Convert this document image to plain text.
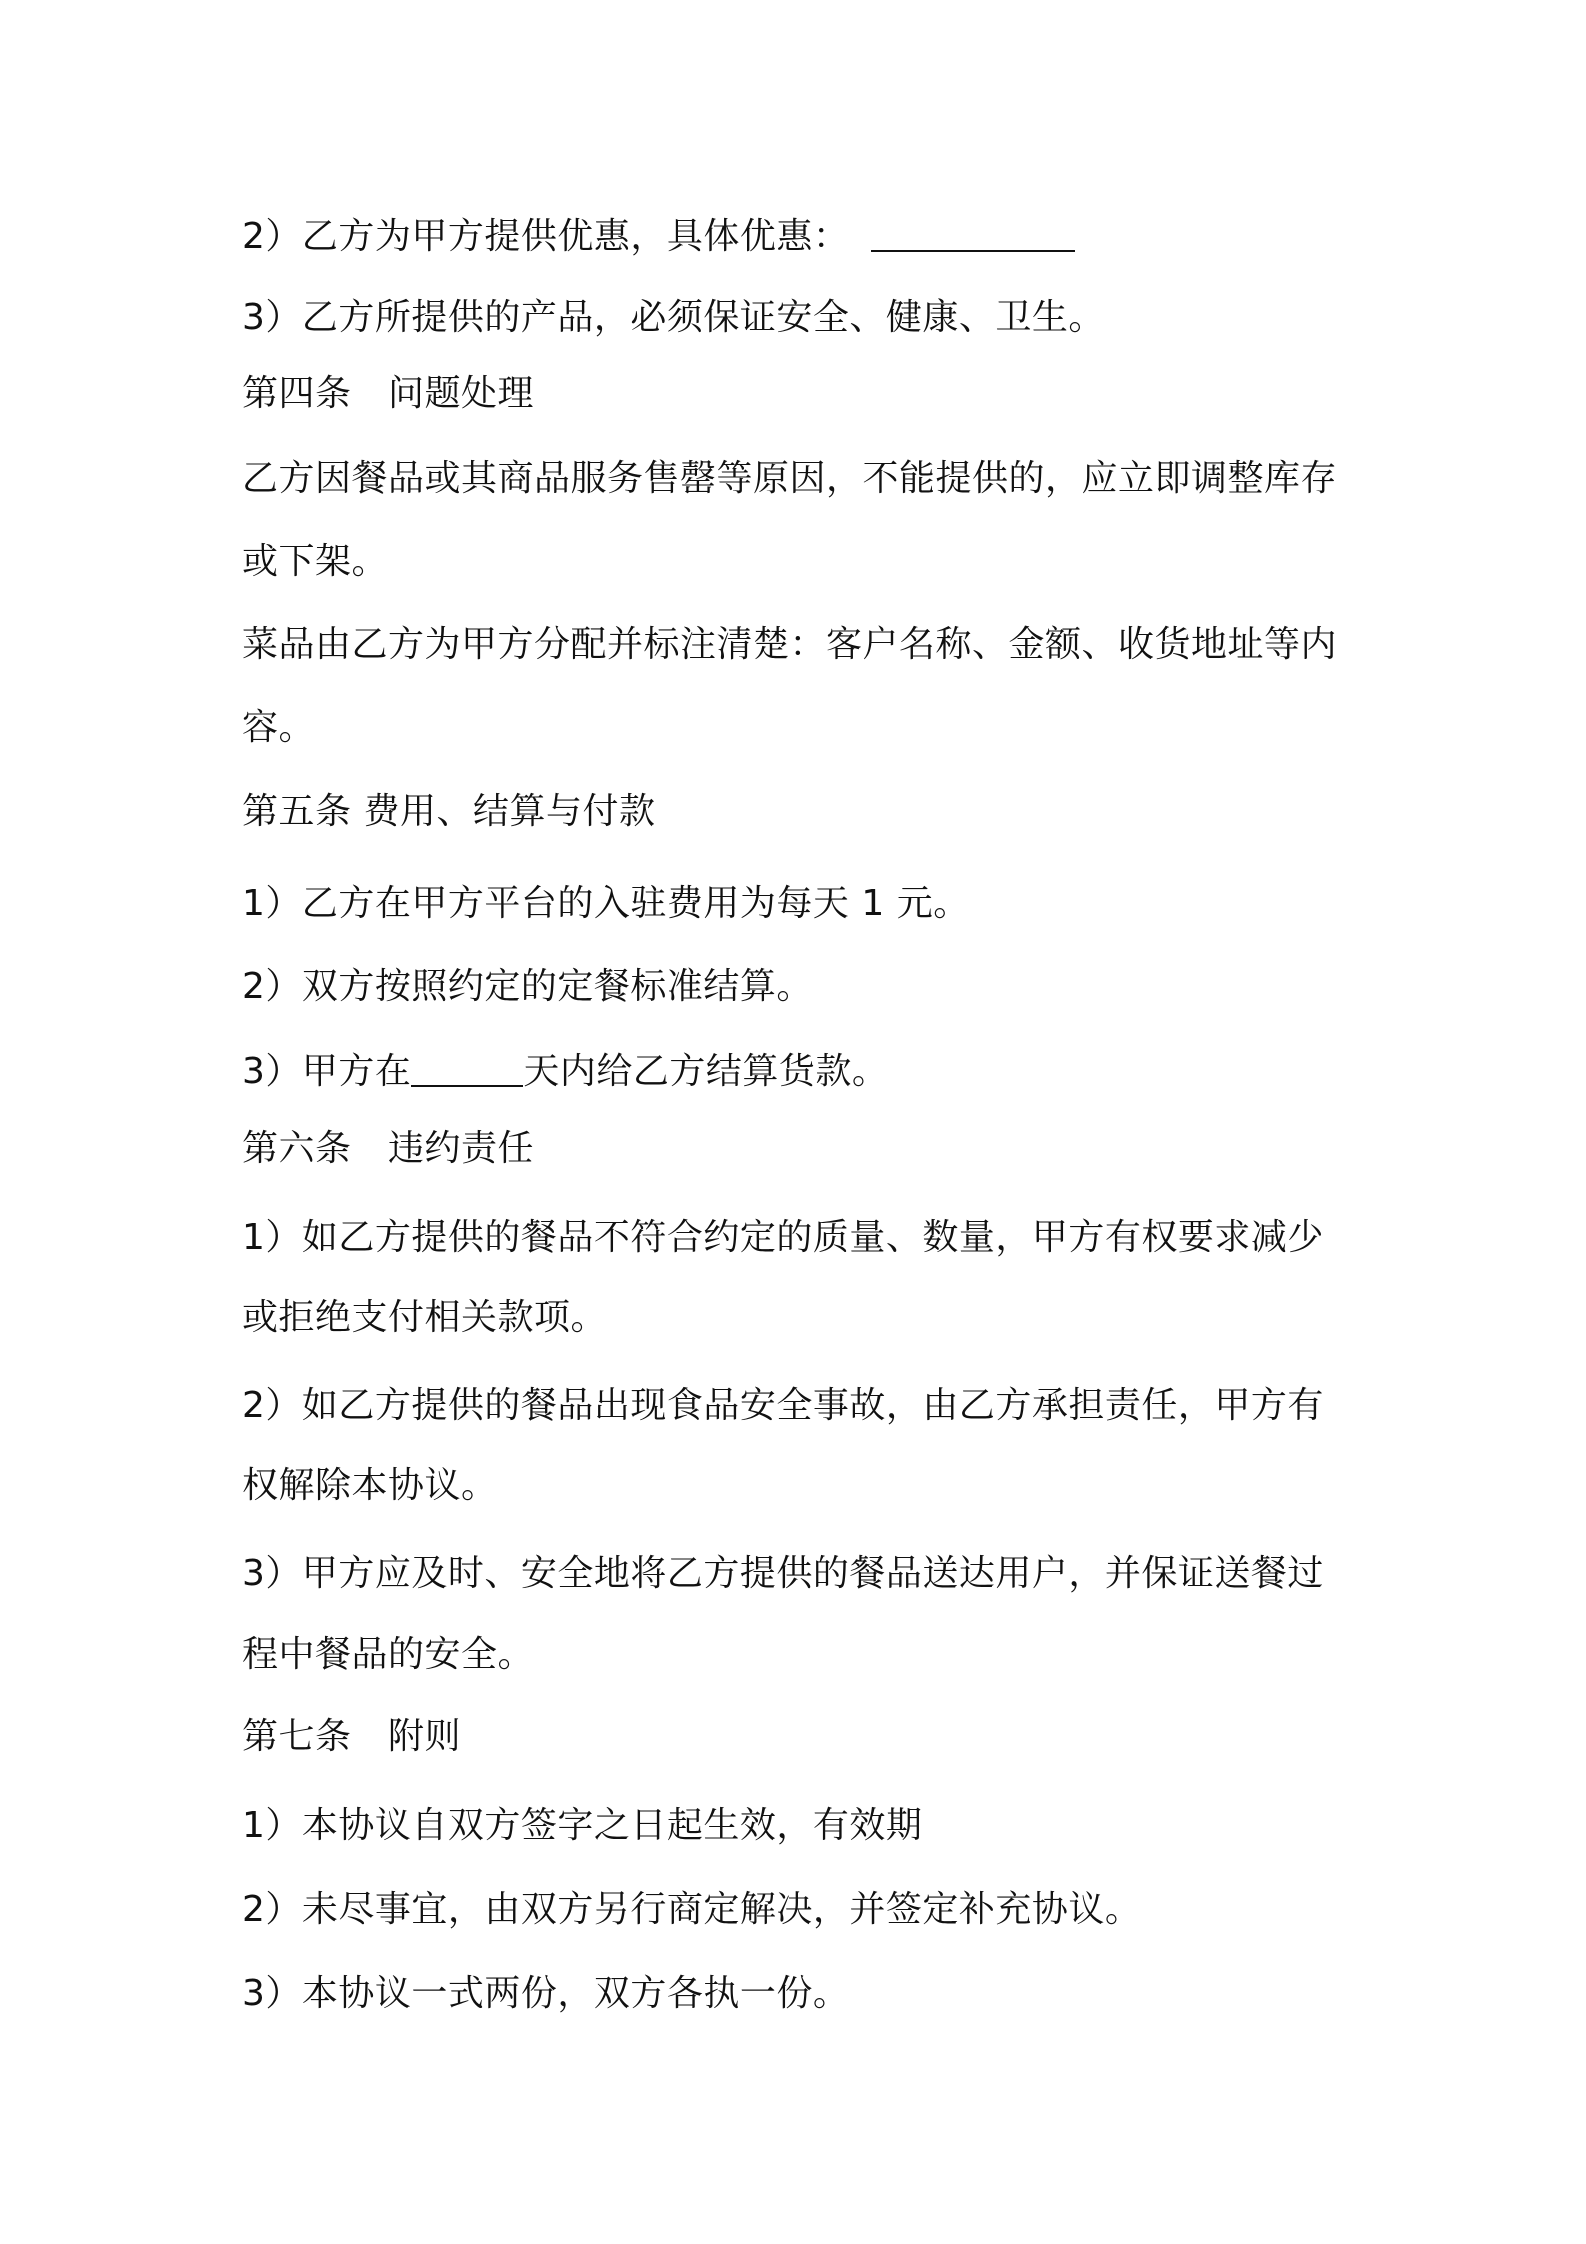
2）乙方为甲方提供优惠，具体优惠：
3）乙方所提供的产品，必须保证安全、健康、卫生。
第四条　问题处理
乙方因餐品或其商品服务售罄等原因，不能提供的，应立即调整库存
或下架。
菜品由乙方为甲方分配并标注清楚：客户名称、金额、收货地址等内
容。
第五条 费用、结算与付款
1）乙方在甲方平台的入驻费用为每天 1 元。
2）双方按照约定的定餐标准结算。
3）甲方在	天内给乙方结算货款。
第六条　违约责任
1）如乙方提供的餐品不符合约定的质量、数量，甲方有权要求减少
或拒绝支付相关款项。
2）如乙方提供的餐品出现食品安全事故，由乙方承担责任，甲方有
权解除本协议。
3）甲方应及时、安全地将乙方提供的餐品送达用户，并保证送餐过
程中餐品的安全。
第七条　附则
1）本协议自双方签字之日起生效，有效期
2）未尽事宜，由双方另行商定解决，并签定补充协议。
3）本协议一式两份，双方各执一份。
